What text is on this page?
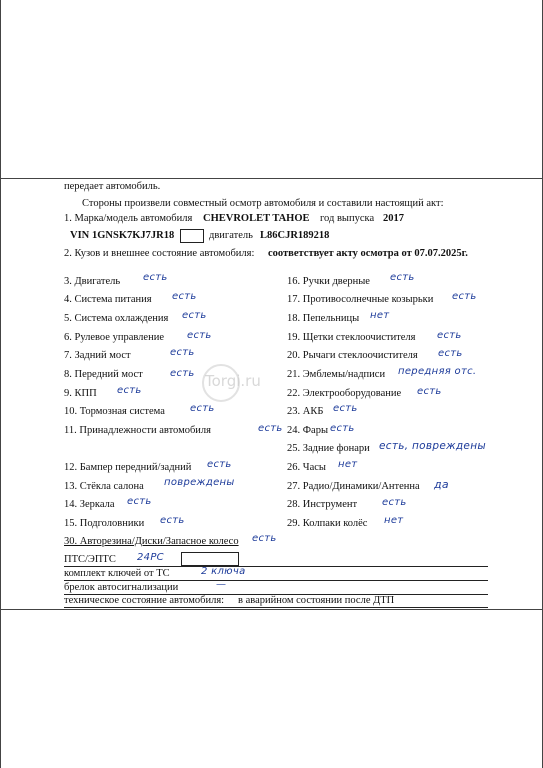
Torgi.ru
передает автомобиль.
Стороны произвели совместный осмотр автомобиля и составили настоящий акт:
1. Марка/модель автомобиля CHEVROLET TAHOE год выпуска 2017
VIN 1GNSK7KJ7JR18	двигатель L86CJR189218
2. Кузов и внешнее состояние автомобиля: соответствует акту осмотра от 07.07.2025г.
3. Двигатель есть
4. Система питания есть
5. Система охлаждения есть
6. Рулевое управление есть
7. Задний мост	есть
8. Передний мост	есть
9. КПП есть
10. Тормозная система	есть
11. Принадлежности автомобиля	есть
12. Бампер передний/задний есть
13. Стёкла салона повреждены
14. Зеркала есть
15. Подголовники есть
16. Ручки дверные есть
17. Противосолнечные козырьки есть
18. Пепельницы нет
19. Щетки стеклоочистителя есть
20. Рычаги стеклоочистителя есть
21. Эмблемы/надписи передняя отс.
22. Электрооборудование есть
23. АКБ есть
24. Фары есть
25. Задние фонари есть, повреждены
26. Часы нет
27. Радио/Динамики/Антенна да
28. Инструмент есть
29. Колпаки колёс нет
30. Авторезина/Диски/Запасное колесо есть
ПТС/ЭПТС 24РС
комплект ключей от ТС	2 ключа
брелок автосигнализации	—
техническое состояние автомобиля: в аварийном состоянии после ДТП
